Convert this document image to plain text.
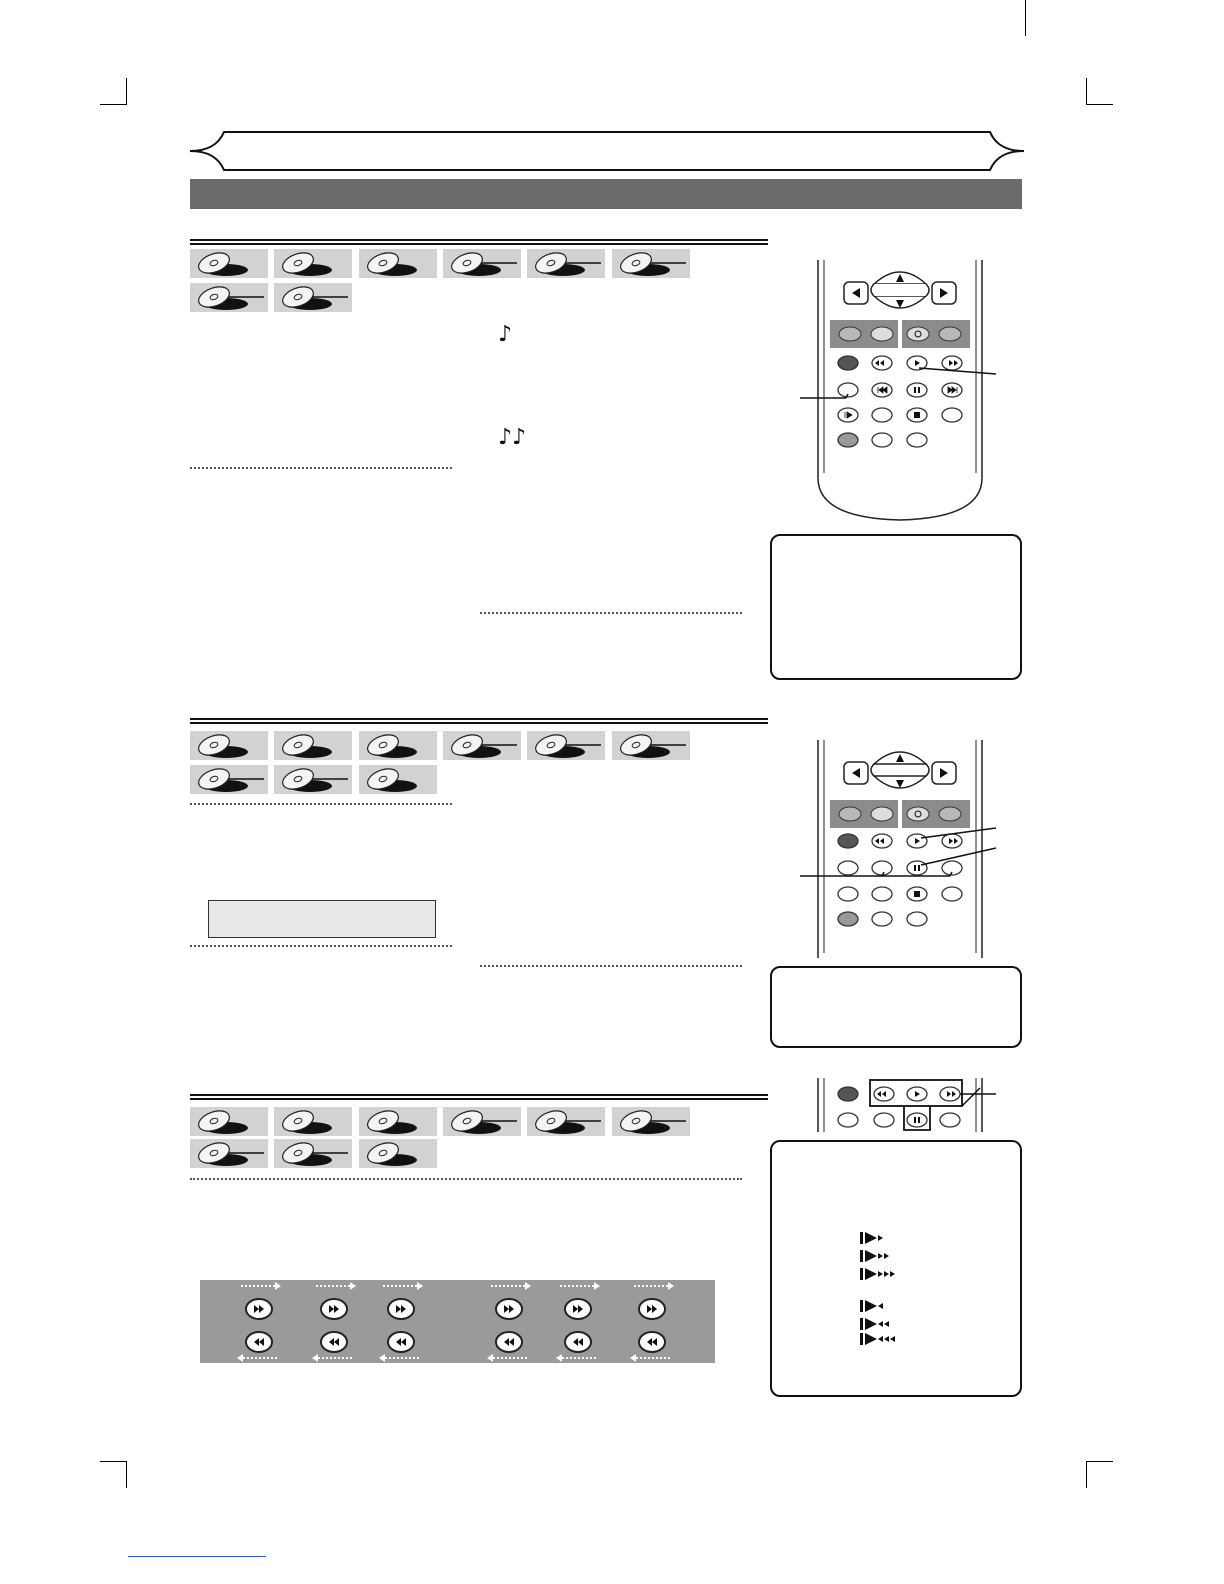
♪
♪♪
